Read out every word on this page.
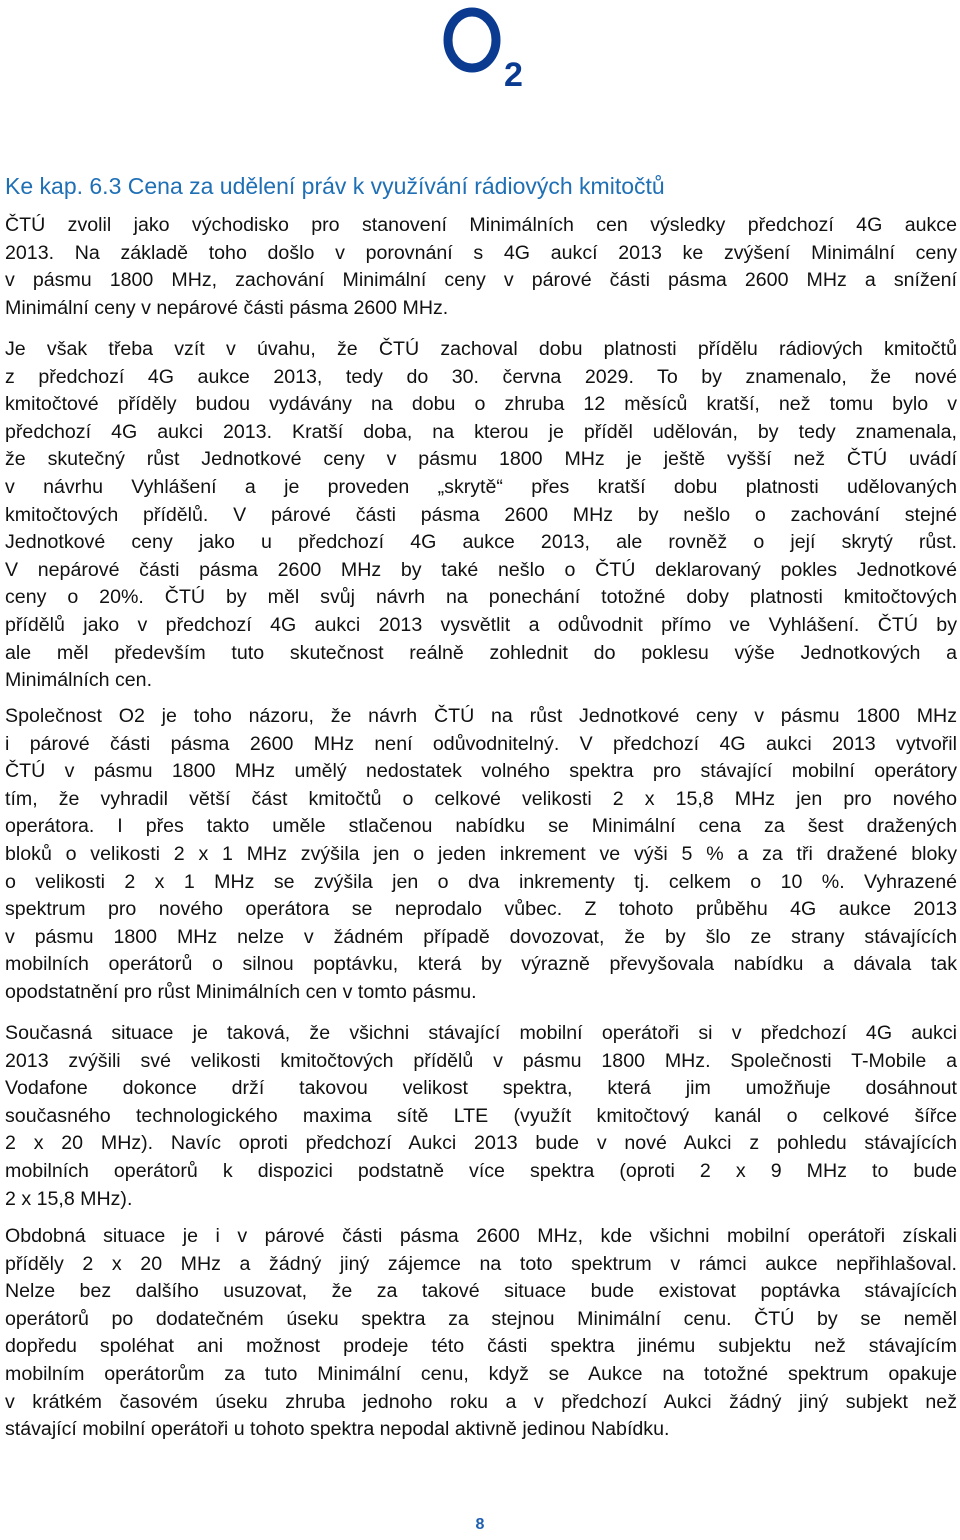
2
Ke kap. 6.3 Cena za udělení práv k využívání rádiových kmitočtů
ČTÚ zvolil jako východisko pro stanovení Minimálních cen výsledky předchozí 4G aukce
2013. Na základě toho došlo v porovnání s 4G aukcí 2013 ke zvýšení Minimální ceny
v pásmu 1800 MHz, zachování Minimální ceny v párové části pásma 2600 MHz a snížení
Minimální ceny v nepárové části pásma 2600 MHz.
Je však třeba vzít v úvahu, že ČTÚ zachoval dobu platnosti přídělu rádiových kmitočtů
z předchozí 4G aukce 2013, tedy do 30. června 2029. To by znamenalo, že nové
kmitočtové příděly budou vydávány na dobu o zhruba 12 měsíců kratší, než tomu bylo v
předchozí 4G aukci 2013. Kratší doba, na kterou je příděl udělován, by tedy znamenala,
že skutečný růst Jednotkové ceny v pásmu 1800 MHz je ještě vyšší než ČTÚ uvádí
v návrhu Vyhlášení a je proveden „skrytě“ přes kratší dobu platnosti udělovaných
kmitočtových přídělů. V párové části pásma 2600 MHz by nešlo o zachování stejné
Jednotkové ceny jako u předchozí 4G aukce 2013, ale rovněž o její skrytý růst.
V nepárové části pásma 2600 MHz by také nešlo o ČTÚ deklarovaný pokles Jednotkové
ceny o 20%. ČTÚ by měl svůj návrh na ponechání totožné doby platnosti kmitočtových
přídělů jako v předchozí 4G aukci 2013 vysvětlit a odůvodnit přímo ve Vyhlášení. ČTÚ by
ale měl především tuto skutečnost reálně zohlednit do poklesu výše Jednotkových a
Minimálních cen.
Společnost O2 je toho názoru, že návrh ČTÚ na růst Jednotkové ceny v pásmu 1800 MHz
i párové části pásma 2600 MHz není odůvodnitelný. V předchozí 4G aukci 2013 vytvořil
ČTÚ v pásmu 1800 MHz umělý nedostatek volného spektra pro stávající mobilní operátory
tím, že vyhradil větší část kmitočtů o celkové velikosti 2 x 15,8 MHz jen pro nového
operátora. I přes takto uměle stlačenou nabídku se Minimální cena za šest dražených
bloků o velikosti 2 x 1 MHz zvýšila jen o jeden inkrement ve výši 5 % a za tři dražené bloky
o velikosti 2 x 1 MHz se zvýšila jen o dva inkrementy tj. celkem o 10 %. Vyhrazené
spektrum pro nového operátora se neprodalo vůbec. Z tohoto průběhu 4G aukce 2013
v pásmu 1800 MHz nelze v žádném případě dovozovat, že by šlo ze strany stávajících
mobilních operátorů o silnou poptávku, která by výrazně převyšovala nabídku a dávala tak
opodstatnění pro růst Minimálních cen v tomto pásmu.
Současná situace je taková, že všichni stávající mobilní operátoři si v předchozí 4G aukci
2013 zvýšili své velikosti kmitočtových přídělů v pásmu 1800 MHz. Společnosti T-Mobile a
Vodafone dokonce drží takovou velikost spektra, která jim umožňuje dosáhnout
současného technologického maxima sítě LTE (využít kmitočtový kanál o celkové šířce
2 x 20 MHz). Navíc oproti předchozí Aukci 2013 bude v nové Aukci z pohledu stávajících
mobilních operátorů k dispozici podstatně více spektra (oproti 2 x 9 MHz to bude
2 x 15,8 MHz).
Obdobná situace je i v párové části pásma 2600 MHz, kde všichni mobilní operátoři získali
příděly 2 x 20 MHz a žádný jiný zájemce na toto spektrum v rámci aukce nepřihlašoval.
Nelze bez dalšího usuzovat, že za takové situace bude existovat poptávka stávajících
operátorů po dodatečném úseku spektra za stejnou Minimální cenu. ČTÚ by se neměl
dopředu spoléhat ani možnost prodeje této části spektra jinému subjektu než stávajícím
mobilním operátorům za tuto Minimální cenu, když se Aukce na totožné spektrum opakuje
v krátkém časovém úseku zhruba jednoho roku a v předchozí Aukci žádný jiný subjekt než
stávající mobilní operátoři u tohoto spektra nepodal aktivně jedinou Nabídku.
8
